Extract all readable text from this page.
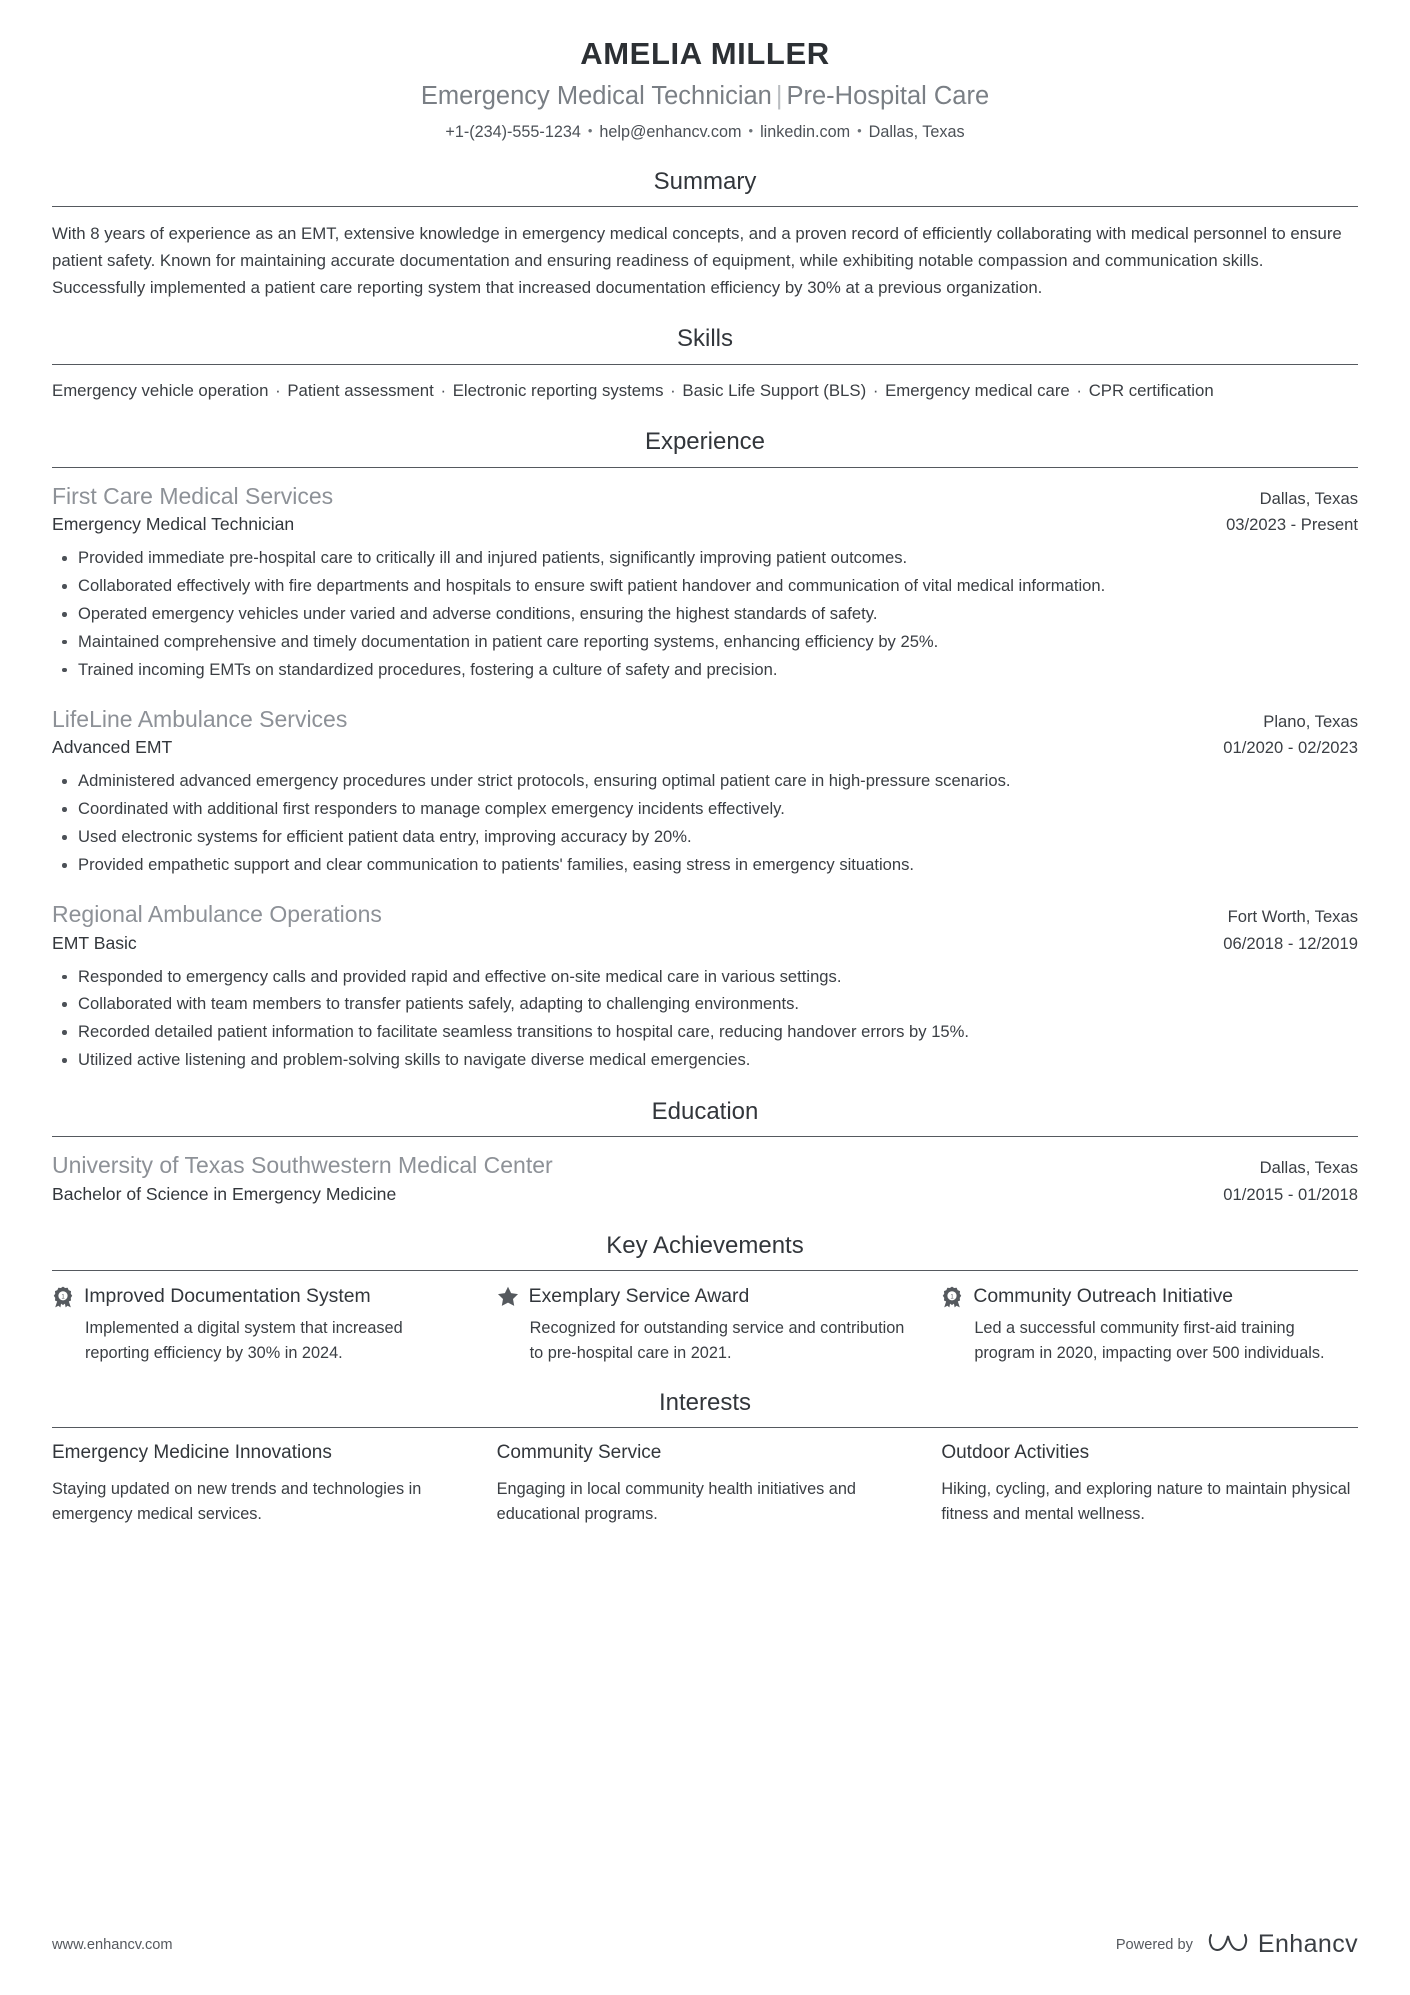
AMELIA MILLER
Emergency Medical Technician | Pre-Hospital Care
+1-(234)-555-1234 • help@enhancv.com • linkedin.com • Dallas, Texas
Summary

With 8 years of experience as an EMT, extensive knowledge in emergency medical concepts, and a proven record of efficiently collaborating with medical personnel to ensure patient safety. Known for maintaining accurate documentation and ensuring readiness of equipment, while exhibiting notable compassion and communication skills. Successfully implemented a patient care reporting system that increased documentation efficiency by 30% at a previous organization.

Skills
Emergency vehicle operation · Patient assessment · Electronic reporting systems · Basic Life Support (BLS) · Emergency medical care · CPR certification
Experience
First Care Medical Services	Dallas, Texas
Emergency Medical Technician	03/2023 - Present
Provided immediate pre-hospital care to critically ill and injured patients, significantly improving patient outcomes.
Collaborated effectively with fire departments and hospitals to ensure swift patient handover and communication of vital medical information.
Operated emergency vehicles under varied and adverse conditions, ensuring the highest standards of safety.
Maintained comprehensive and timely documentation in patient care reporting systems, enhancing efficiency by 25%.
Trained incoming EMTs on standardized procedures, fostering a culture of safety and precision.
LifeLine Ambulance Services	Plano, Texas
Advanced EMT	01/2020 - 02/2023
Administered advanced emergency procedures under strict protocols, ensuring optimal patient care in high-pressure scenarios.
Coordinated with additional first responders to manage complex emergency incidents effectively.
Used electronic systems for efficient patient data entry, improving accuracy by 20%.
Provided empathetic support and clear communication to patients' families, easing stress in emergency situations.
Regional Ambulance Operations	Fort Worth, Texas
EMT Basic	06/2018 - 12/2019
Responded to emergency calls and provided rapid and effective on-site medical care in various settings.
Collaborated with team members to transfer patients safely, adapting to challenging environments.
Recorded detailed patient information to facilitate seamless transitions to hospital care, reducing handover errors by 15%.
Utilized active listening and problem-solving skills to navigate diverse medical emergencies.
Education
University of Texas Southwestern Medical Center	Dallas, Texas
Bachelor of Science in Emergency Medicine	01/2015 - 01/2018
Key Achievements
1 Improved Documentation System
Implemented a digital system that increased reporting efficiency by 30% in 2024.
Exemplary Service Award
Recognized for outstanding service and contribution to pre-hospital care in 2021.
1 Community Outreach Initiative
Led a successful community first-aid training program in 2020, impacting over 500 individuals.
Interests
Emergency Medicine Innovations
Staying updated on new trends and technologies in emergency medical services.
Community Service
Engaging in local community health initiatives and educational programs.
Outdoor Activities
Hiking, cycling, and exploring nature to maintain physical fitness and mental wellness.
www.enhancv.com	Powered by	Enhancv
